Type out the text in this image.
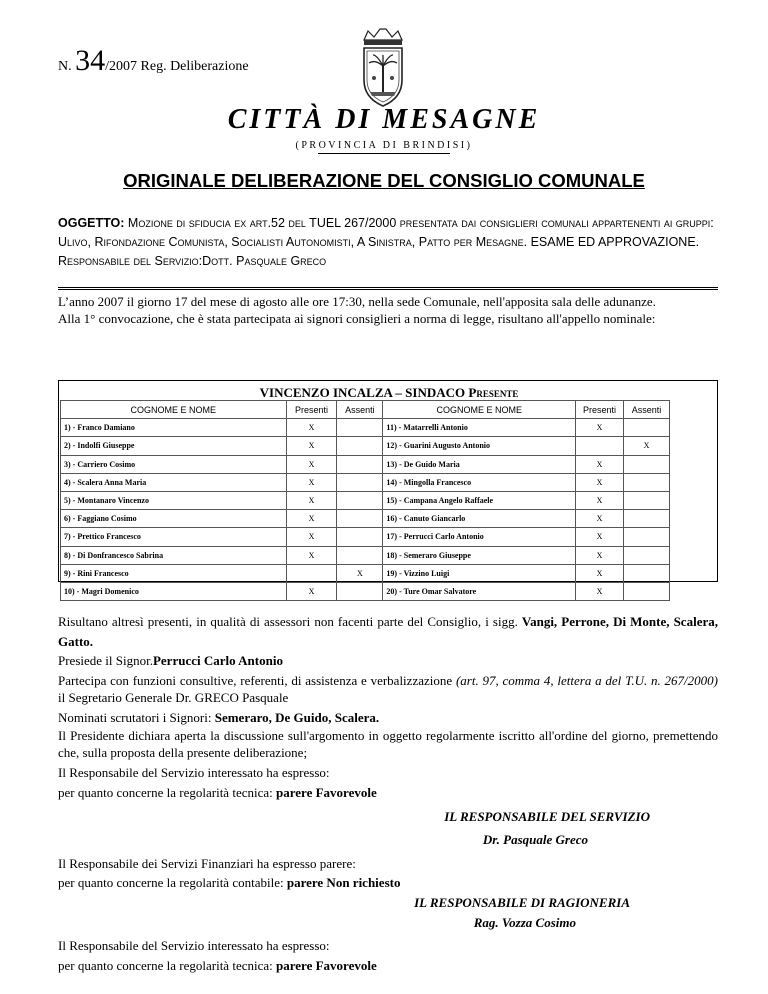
N. 34/2007 Reg. Deliberazione
CITTÀ DI MESAGNE
(PROVINCIA DI BRINDISI)
ORIGINALE DELIBERAZIONE DEL CONSIGLIO COMUNALE
OGGETTO: Mozione di sfiducia ex art.52 del TUEL 267/2000 presentata dai consiglieri comunali appartenenti ai gruppi: Ulivo, Rifondazione Comunista, Socialisti Autonomisti, A Sinistra, Patto per Mesagne. ESAME ED APPROVAZIONE.
Responsabile del Servizio:Dott. Pasquale Greco
L’anno 2007 il giorno 17 del mese di agosto alle ore 17:30, nella sede Comunale, nell'apposita sala delle adunanze.
Alla 1° convocazione, che è stata partecipata ai signori consiglieri a norma di legge, risultano all'appello nominale:
VINCENZO INCALZA – SINDACO Presente
COGNOME E NOME	Presenti	Assenti	COGNOME E NOME	Presenti	Assenti
1) - Franco Damiano	X		11) - Matarrelli Antonio	X	
2) - Indolfi Giuseppe	X		12) - Guarini Augusto Antonio		X
3) - Carriero Cosimo	X		13) - De Guido Maria	X	
4) - Scalera Anna Maria	X		14) - Mingolla Francesco	X	
5) - Montanaro Vincenzo	X		15) - Campana Angelo Raffaele	X	
6) - Faggiano Cosimo	X		16) - Canuto Giancarlo	X	
7) - Prettico Francesco	X		17) - Perrucci Carlo Antonio	X	
8) - Di Donfrancesco Sabrina	X		18) - Semeraro Giuseppe	X	
9) - Rini Francesco		X	19) - Vizzino Luigi	X	
10) - Magri Domenico	X		20) - Ture Omar Salvatore	X	
Risultano altresì presenti, in qualità di assessori non facenti parte del Consiglio, i sigg. Vangi, Perrone, Di Monte, Scalera, Gatto.
Presiede il Signor.Perrucci Carlo Antonio
Partecipa con funzioni consultive, referenti, di assistenza e verbalizzazione (art. 97, comma 4, lettera a del T.U. n. 267/2000) il Segretario Generale Dr. GRECO Pasquale
Nominati scrutatori i Signori: Semeraro, De Guido, Scalera.
Il Presidente dichiara aperta la discussione sull'argomento in oggetto regolarmente iscritto all'ordine del giorno, premettendo che, sulla proposta della presente deliberazione;
Il Responsabile del Servizio interessato ha espresso:
per quanto concerne la regolarità tecnica: parere Favorevole
IL RESPONSABILE DEL SERVIZIO
Dr. Pasquale Greco
Il Responsabile dei Servizi Finanziari ha espresso parere:
per quanto concerne la regolarità contabile: parere Non richiesto
IL RESPONSABILE DI RAGIONERIA
Rag. Vozza Cosimo
Il Responsabile del Servizio interessato ha espresso:
per quanto concerne la regolarità tecnica: parere Favorevole
